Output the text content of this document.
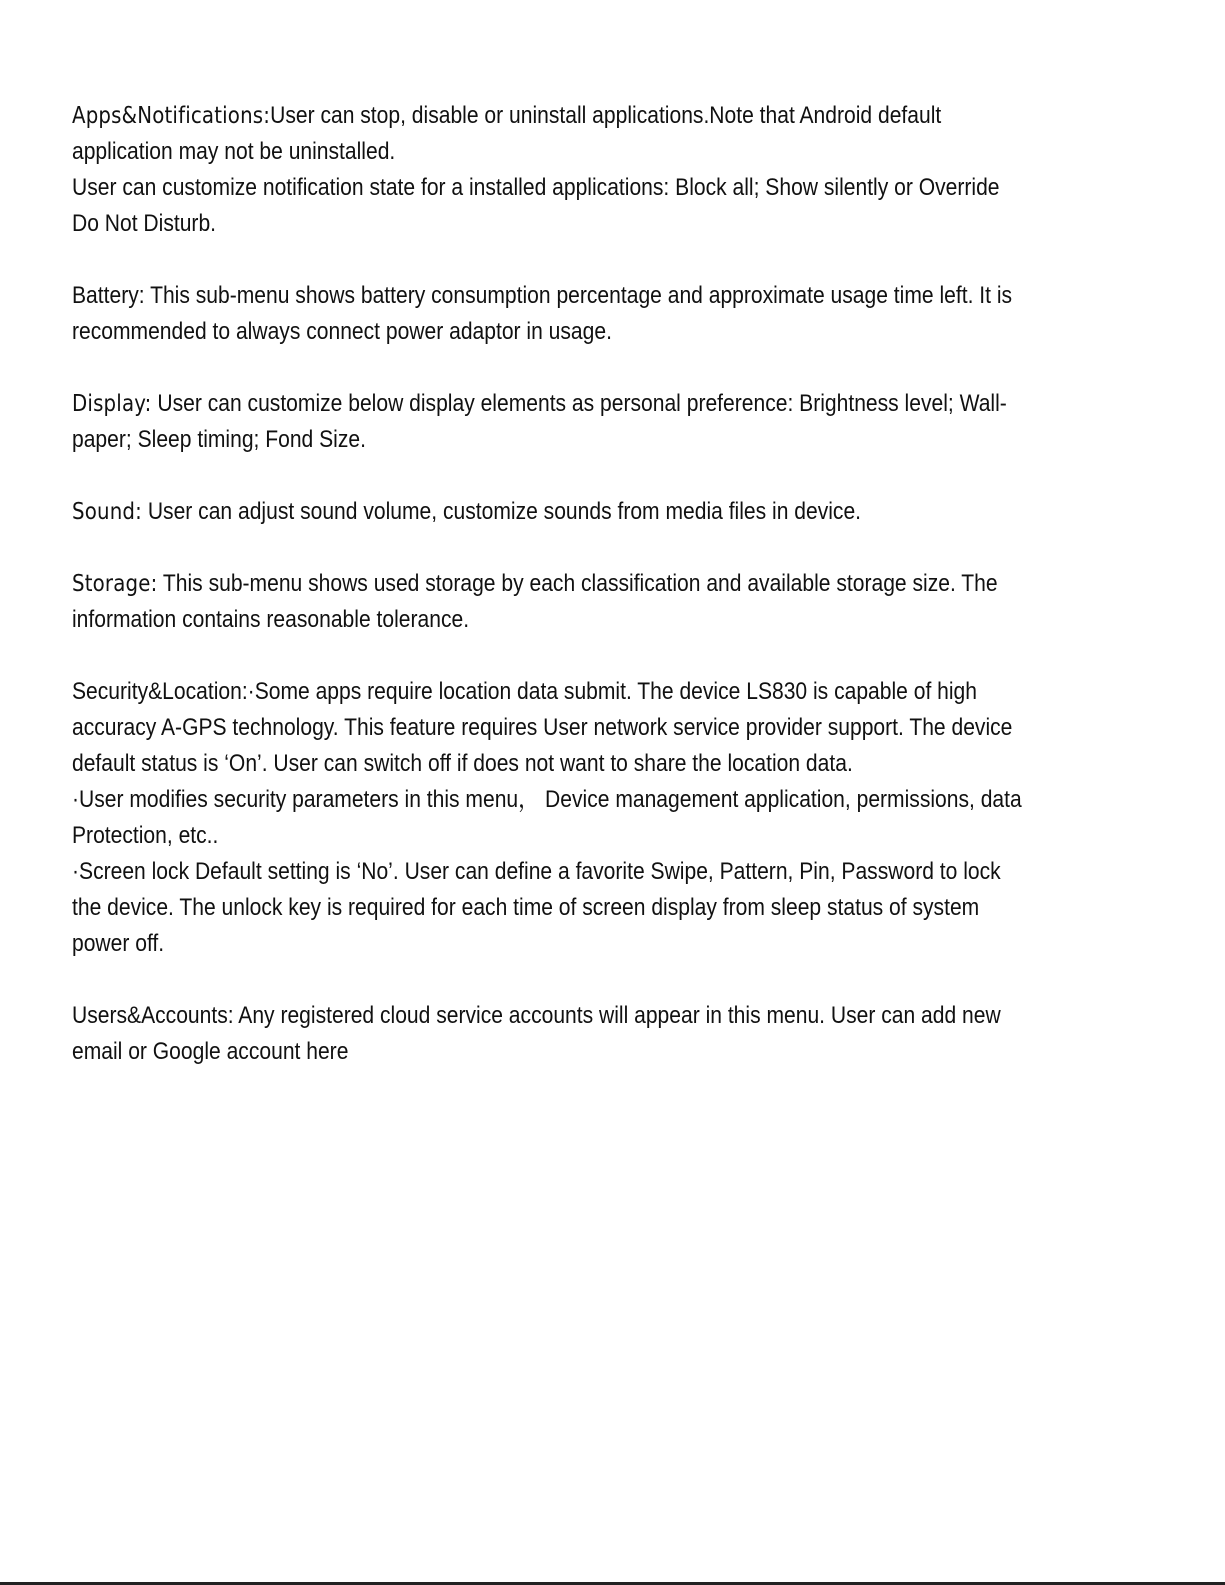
Apps&Notifications:User can stop, disable or uninstall applications.Note that Android default
application may not be uninstalled.
User can customize notification state for a installed applications: Block all; Show silently or Override
Do Not Disturb.
Battery: This sub-menu shows battery consumption percentage and approximate usage time left. It is
recommended to always connect power adaptor in usage.
Display: User can customize below display elements as personal preference: Brightness level; Wall-
paper; Sleep timing; Fond Size.
Sound: User can adjust sound volume, customize sounds from media files in device.
Storage: This sub-menu shows used storage by each classification and available storage size. The
information contains reasonable tolerance.
Security&Location:·Some apps require location data submit. The device LS830 is capable of high
accuracy A-GPS technology. This feature requires User network service provider support. The device
default status is ‘On’. User can switch off if does not want to share the location data.
·User modifies security parameters in this menu， Device management application, permissions, data
Protection, etc..
·Screen lock Default setting is ‘No’. User can define a favorite Swipe, Pattern, Pin, Password to lock
the device. The unlock key is required for each time of screen display from sleep status of system
power off.
Users&Accounts: Any registered cloud service accounts will appear in this menu. User can add new
email or Google account here
